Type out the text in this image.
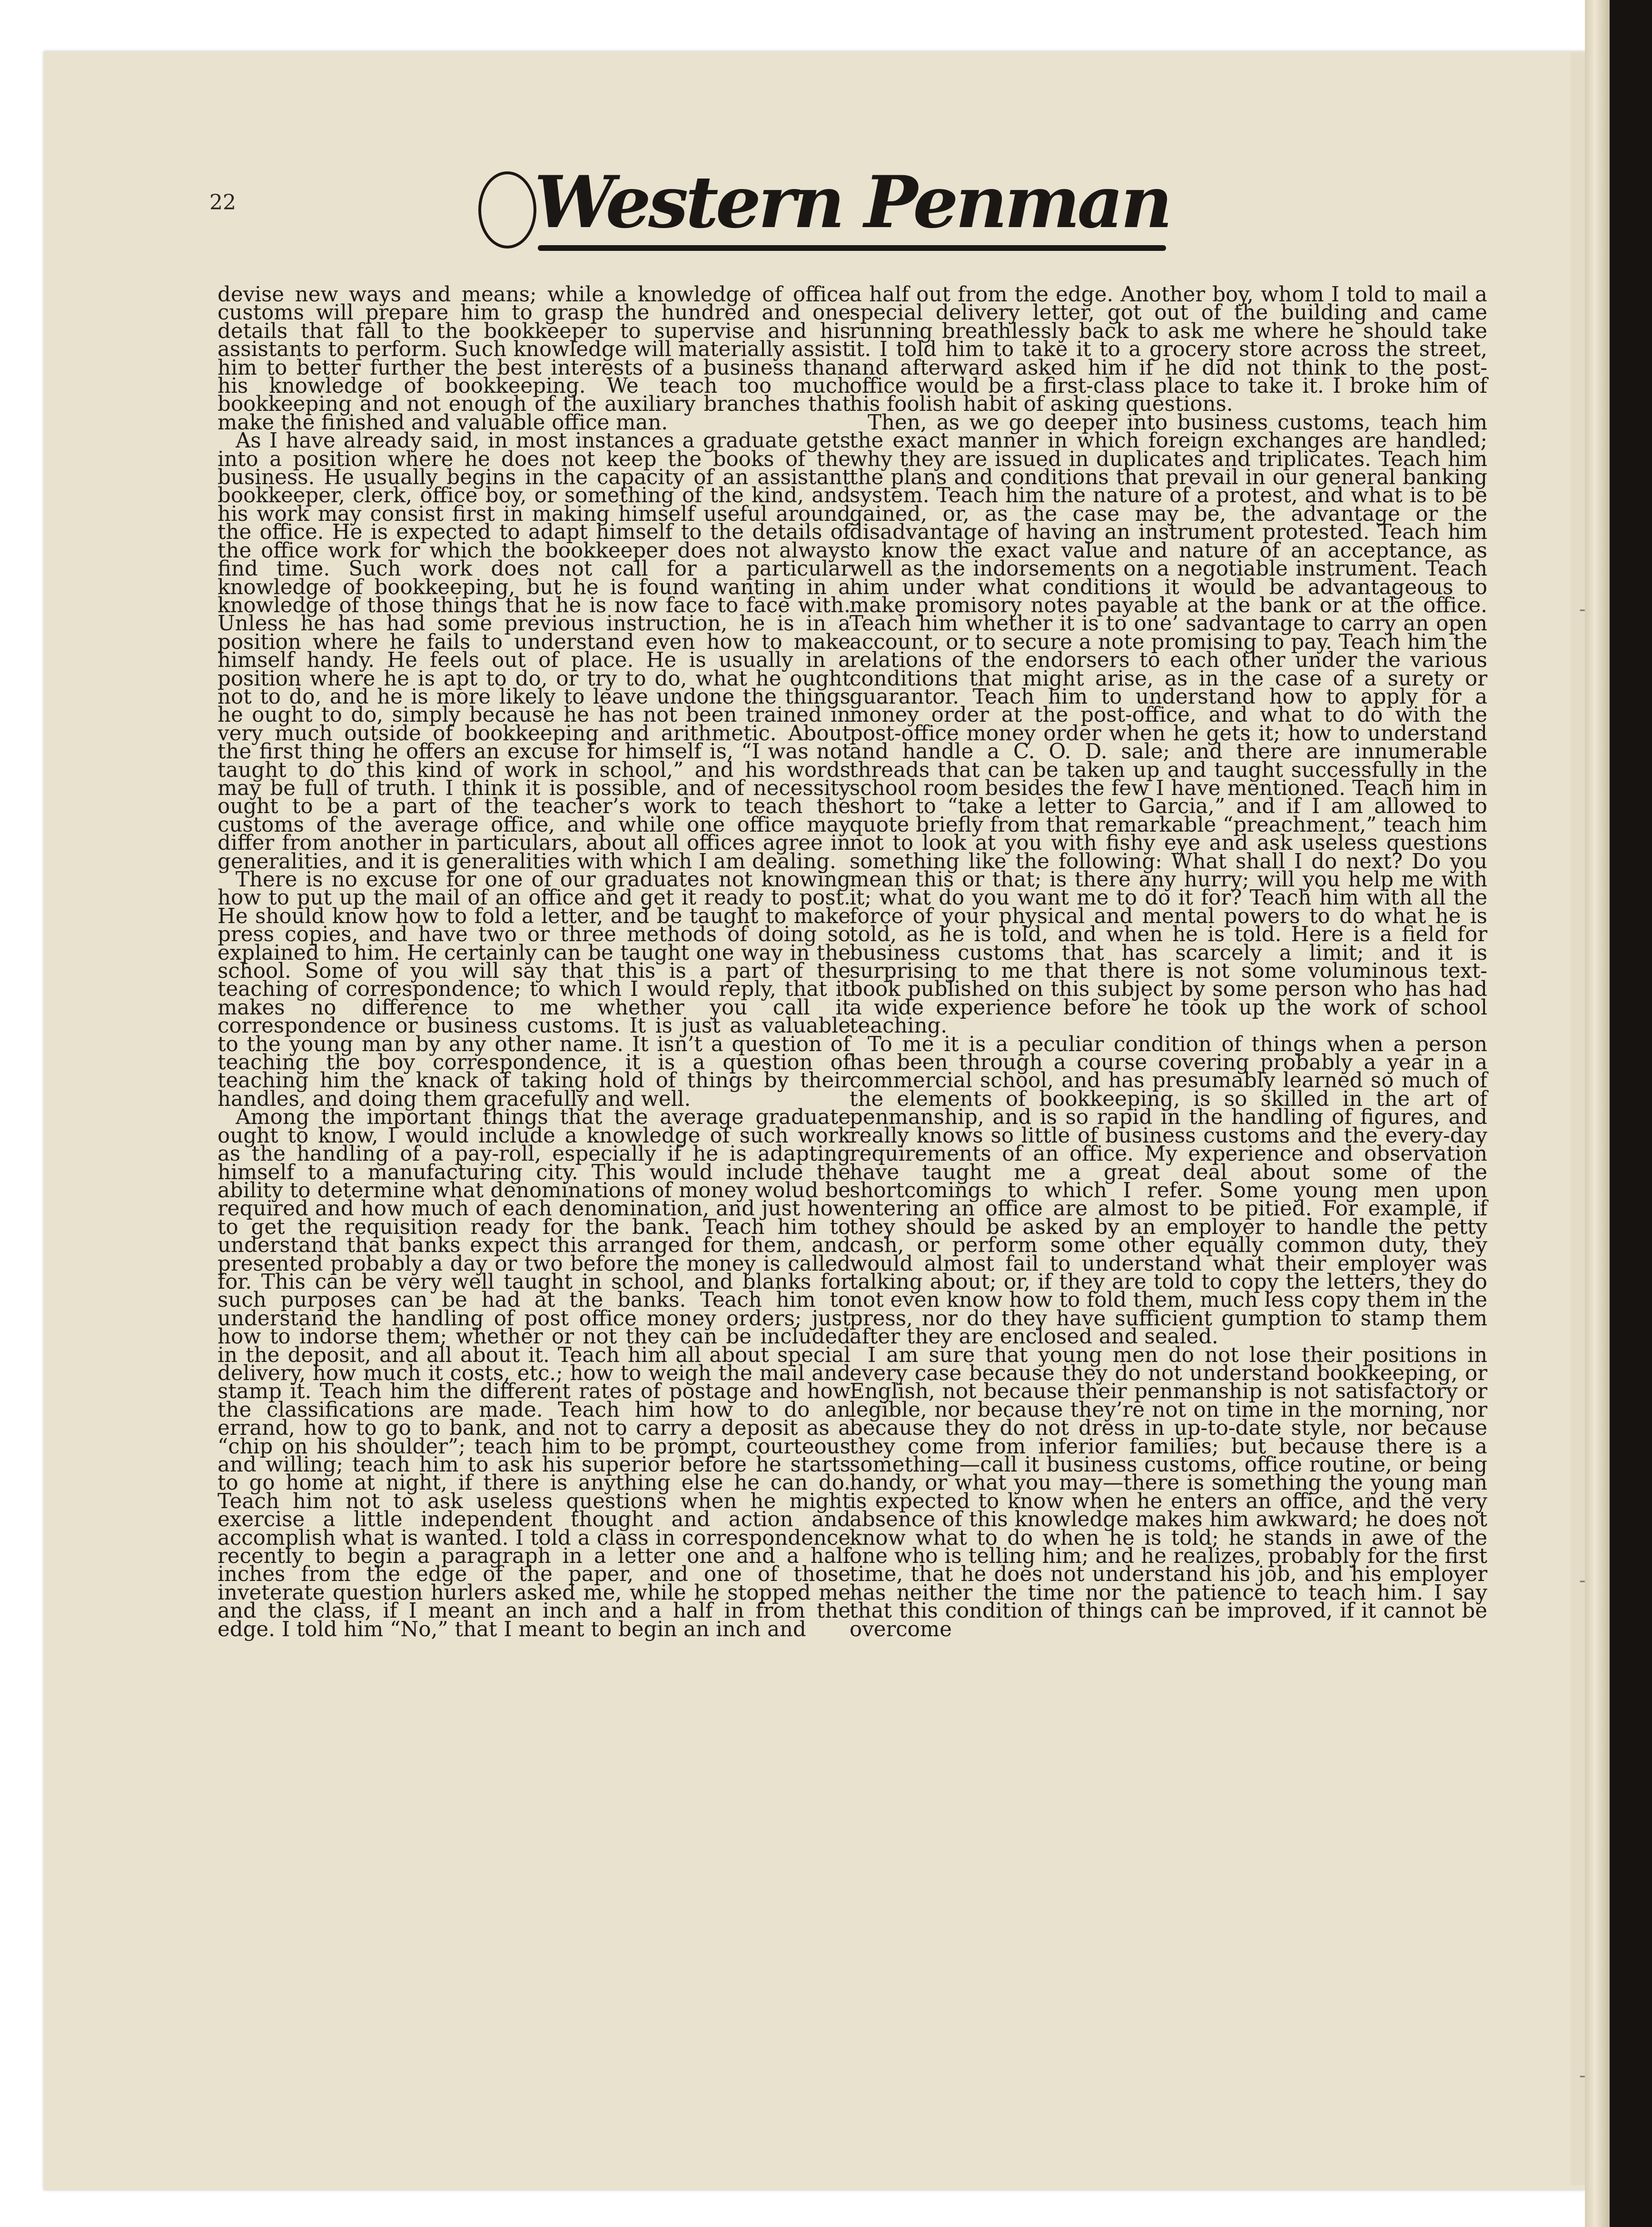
-
-
-
22	Western Penman

devise new ways and means; while a knowledge of office customs will prepare him to grasp the hundred and one details that fall to the bookkeeper to supervise and his assistants to perform. Such knowledge will materially assist him to better further the best interests of a business than his knowledge of bookkeeping. We teach too much bookkeeping and not enough of the auxiliary branches that make the finished and valuable office man.

As I have already said, in most instances a graduate gets into a position where he does not keep the books of the business. He usually begins in the capacity of an assistant bookkeeper, clerk, office boy, or something of the kind, and his work may consist first in making himself useful around the office. He is expected to adapt himself to the details of the office work for which the bookkeeper does not always find time. Such work does not call for a particular knowledge of bookkeeping, but he is found wanting in a knowledge of those things that he is now face to face with. Unless he has had some previous instruction, he is in a position where he fails to understand even how to make himself handy. He feels out of place. He is usually in a position where he is apt to do, or try to do, what he ought not to do, and he is more likely to leave undone the things he ought to do, simply because he has not been trained in very much outside of bookkeeping and arithmetic. About the first thing he offers an excuse for himself is, “I was not taught to do this kind of work in school,” and his words may be full of truth. I think it is possible, and of necessity ought to be a part of the teacher’s work to teach the customs of the average office, and while one office may differ from another in particulars, about all offices agree in generalities, and it is generalities with which I am dealing.

There is no excuse for one of our graduates not knowing how to put up the mail of an office and get it ready to post. He should know how to fold a letter, and be taught to make press copies, and have two or three methods of doing so explained to him. He certainly can be taught one way in the school. Some of you will say that this is a part of the teaching of correspondence; to which I would reply, that it makes no difference to me whether you call it correspondence or business customs. It is just as valuable to the young man by any other name. It isn’t a question of teaching the boy correspondence, it is a question of teaching him the knack of taking hold of things by their handles, and doing them gracefully and well.

Among the important things that the average graduate ought to know, I would include a knowledge of such work as the handling of a pay-roll, especially if he is adapting himself to a manufacturing city. This would include the ability to determine what denominations of money wolud be required and how much of each denomination, and just how to get the requisition ready for the bank. Teach him to understand that banks expect this arranged for them, and presented probably a day or two before the money is called for. This can be very well taught in school, and blanks for such purposes can be had at the banks. Teach him to understand the handling of post office money orders; just how to indorse them; whether or not they can be included in the deposit, and all about it. Teach him all about special delivery, how much it costs, etc.; how to weigh the mail and stamp it. Teach him the different rates of postage and how the classifications are made. Teach him how to do an errand, how to go to bank, and not to carry a deposit as a “chip on his shoulder”; teach him to be prompt, courteous and willing; teach him to ask his superior before he starts to go home at night, if there is anything else he can do. Teach him not to ask useless questions when he might exercise a little independent thought and action and accomplish what is wanted. I told a class in correspondence recently to begin a paragraph in a letter one and a half inches from the edge of the paper, and one of those inveterate question hurlers asked me, while he stopped me and the class, if I meant an inch and a half in from the edge. I told him “No,” that I meant to begin an inch and

a half out from the edge. Another boy, whom I told to mail a special delivery letter, got out of the building and came running breathlessly back to ask me where he should take it. I told him to take it to a grocery store across the street, and afterward asked him if he did not think to the post-office would be a first-class place to take it. I broke him of his foolish habit of asking questions.

Then, as we go deeper into business customs, teach him the exact manner in which foreign exchanges are handled; why they are issued in duplicates and triplicates. Teach him the plans and conditions that prevail in our general banking system. Teach him the nature of a protest, and what is to be gained, or, as the case may be, the advantage or the disadvantage of having an instrument protested. Teach him to know the exact value and nature of an acceptance, as well as the indorsements on a negotiable instrument. Teach him under what conditions it would be advantageous to make promisory notes payable at the bank or at the office. Teach him whether it is to one’ sadvantage to carry an open account, or to secure a note promising to pay. Teach him the relations of the endorsers to each other under the various conditions that might arise, as in the case of a surety or guarantor. Teach him to understand how to apply for a money order at the post-office, and what to do with the post-office money order when he gets it; how to understand and handle a C. O. D. sale; and there are innumerable threads that can be taken up and taught successfully in the school room besides the few I have mentioned. Teach him in short to “take a letter to Garcia,” and if I am allowed to quote briefly from that remarkable “preachment,” teach him not to look at you with fishy eye and ask useless questions something like the following: What shall I do next? Do you mean this or that; is there any hurry; will you help me with it; what do you want me to do it for? Teach him with all the force of your physical and mental powers to do what he is told, as he is told, and when he is told. Here is a field for business customs that has scarcely a limit; and it is surprising to me that there is not some voluminous text-book published on this subject by some person who has had a wide experience before he took up the work of school teaching.

To me it is a peculiar condition of things when a person has been through a course covering probably a year in a commercial school, and has presumably learned so much of the elements of bookkeeping, is so skilled in the art of penmanship, and is so rapid in the handling of figures, and really knows so little of business customs and the every-day requirements of an office. My experience and observation have taught me a great deal about some of the shortcomings to which I refer. Some young men upon entering an office are almost to be pitied. For example, if they should be asked by an employer to handle the petty cash, or perform some other equally common duty, they would almost fail to understand what their employer was talking about; or, if they are told to copy the letters, they do not even know how to fold them, much less copy them in the press, nor do they have sufficient gumption to stamp them after they are enclosed and sealed.

I am sure that young men do not lose their positions in every case because they do not understand bookkeeping, or English, not because their penmanship is not satisfactory or legible, nor because they’re not on time in the morning, nor because they do not dress in up-to-date style, nor because they come from inferior families; but because there is a something—call it business customs, office routine, or being handy, or what you may—there is something the young man is expected to know when he enters an office, and the very absence of this knowledge makes him awkward; he does not know what to do when he is told; he stands in awe of the one who is telling him; and he realizes, probably for the first time, that he does not understand his job, and his employer has neither the time nor the patience to teach him. I say that this condition of things can be improved, if it cannot be overcome
